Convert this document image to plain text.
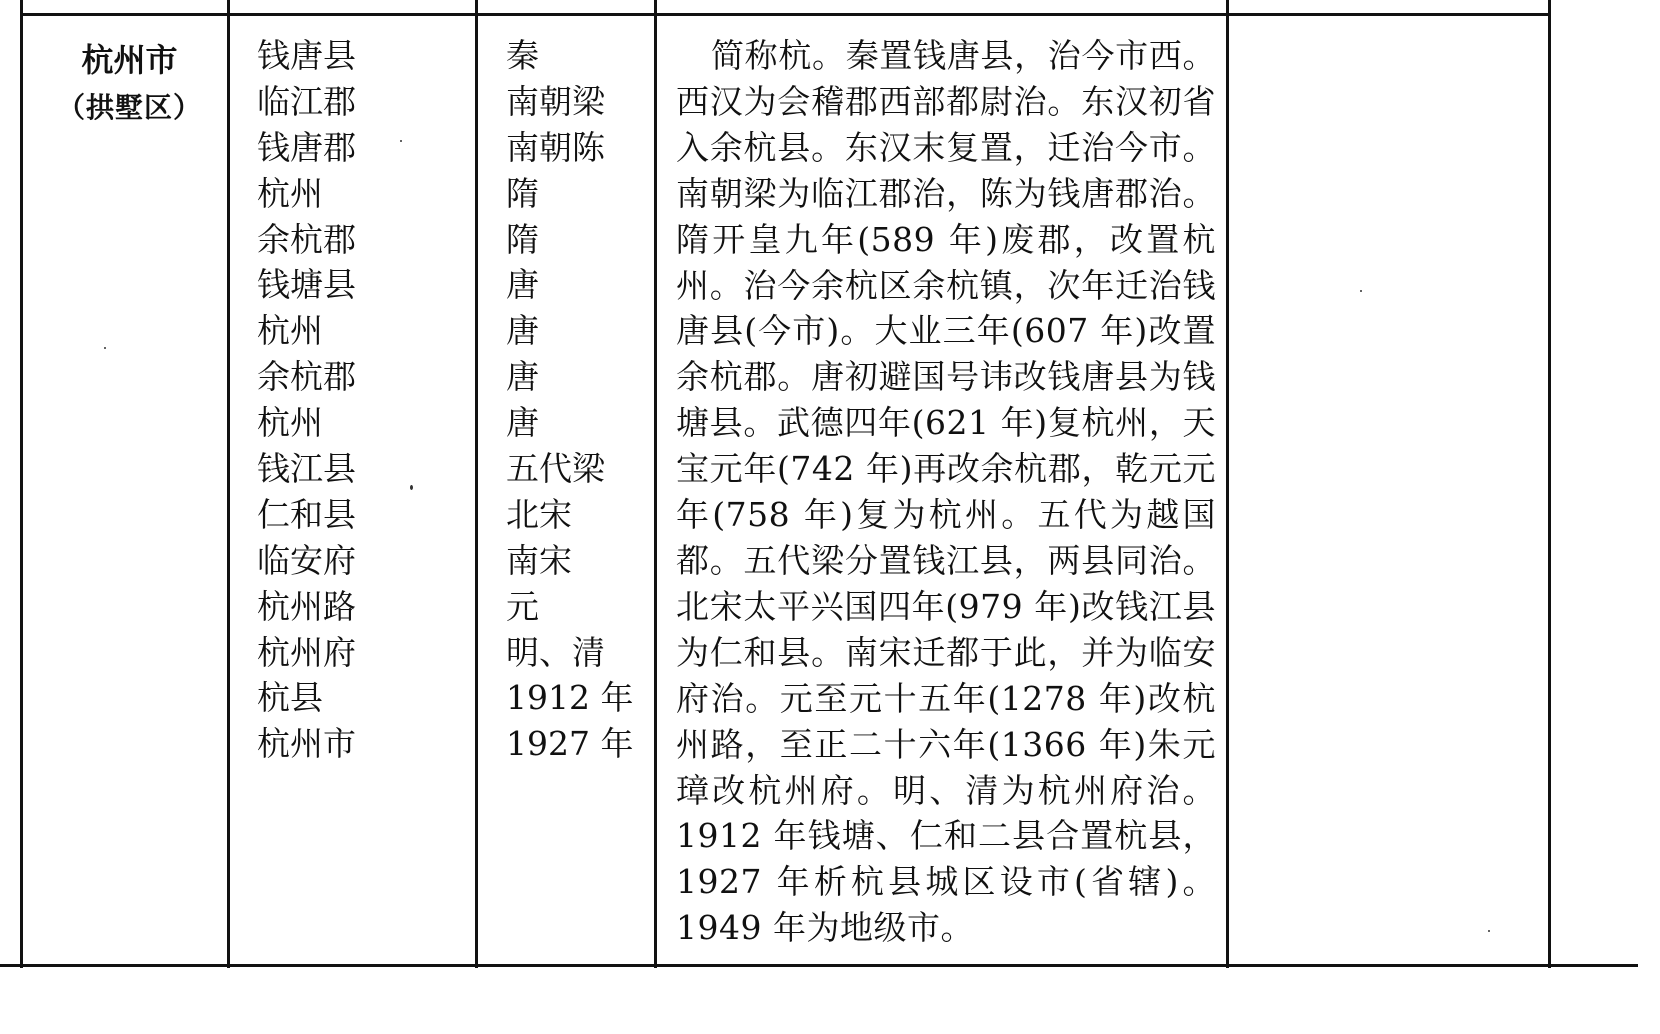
杭州市
（拱墅区）
钱唐县
临江郡
钱唐郡
杭州
余杭郡
钱塘县
杭州
余杭郡
杭州
钱江县
仁和县
临安府
杭州路
杭州府
杭县
杭州市
秦
南朝梁
南朝陈
隋
隋
唐
唐
唐
唐
五代梁
北宋
南宋
元
明、清
1912 年
1927 年
简称杭。秦置钱唐县，治今市西。西汉为会稽郡西部都尉治。东汉初省入余杭县。东汉末复置，迁治今市。南朝梁为临江郡治，陈为钱唐郡治。隋开皇九年(589 年)废郡，改置杭州。治今余杭区余杭镇，次年迁治钱唐县(今市)。大业三年(607 年)改置余杭郡。唐初避国号讳改钱唐县为钱塘县。武德四年(621 年)复杭州，天宝元年(742 年)再改余杭郡，乾元元年(758 年)复为杭州。五代为越国都。五代梁分置钱江县，两县同治。北宋太平兴国四年(979 年)改钱江县为仁和县。南宋迁都于此，并为临安府治。元至元十五年(1278 年)改杭州路，至正二十六年(1366 年)朱元璋改杭州府。明、清为杭州府治。1912 年钱塘、仁和二县合置杭县，1927 年析杭县城区设市(省辖)。1949 年为地级市。
